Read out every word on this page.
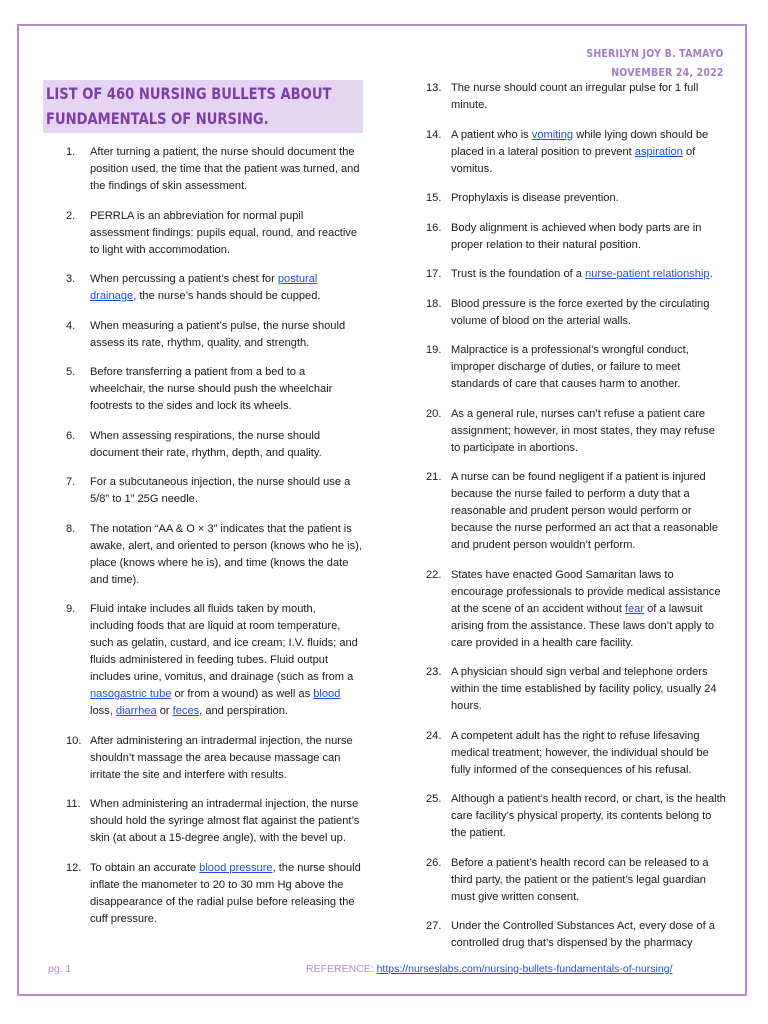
SHERILYN JOY B. TAMAYO
NOVEMBER 24, 2022
LIST OF 460 NURSING BULLETS ABOUT
FUNDAMENTALS OF NURSING.
1. After turning a patient, the nurse should document the position used, the time that the patient was turned, and the findings of skin assessment.
2. PERRLA is an abbreviation for normal pupil assessment findings: pupils equal, round, and reactive to light with accommodation.
3. When percussing a patient’s chest for postural drainage, the nurse’s hands should be cupped.
4. When measuring a patient’s pulse, the nurse should assess its rate, rhythm, quality, and strength.
5. Before transferring a patient from a bed to a wheelchair, the nurse should push the wheelchair footrests to the sides and lock its wheels.
6. When assessing respirations, the nurse should document their rate, rhythm, depth, and quality.
7. For a subcutaneous injection, the nurse should use a 5/8” to 1” 25G needle.
8. The notation “AA & O × 3” indicates that the patient is awake, alert, and oriented to person (knows who he is), place (knows where he is), and time (knows the date and time).
9. Fluid intake includes all fluids taken by mouth, including foods that are liquid at room temperature, such as gelatin, custard, and ice cream; I.V. fluids; and fluids administered in feeding tubes. Fluid output includes urine, vomitus, and drainage (such as from a nasogastric tube or from a wound) as well as blood loss, diarrhea or feces, and perspiration.
10. After administering an intradermal injection, the nurse shouldn’t massage the area because massage can irritate the site and interfere with results.
11. When administering an intradermal injection, the nurse should hold the syringe almost flat against the patient’s skin (at about a 15-degree angle), with the bevel up.
12. To obtain an accurate blood pressure, the nurse should inflate the manometer to 20 to 30 mm Hg above the disappearance of the radial pulse before releasing the cuff pressure.
13. The nurse should count an irregular pulse for 1 full minute.
14. A patient who is vomiting while lying down should be placed in a lateral position to prevent aspiration of vomitus.
15. Prophylaxis is disease prevention.
16. Body alignment is achieved when body parts are in proper relation to their natural position.
17. Trust is the foundation of a nurse-patient relationship.
18. Blood pressure is the force exerted by the circulating volume of blood on the arterial walls.
19. Malpractice is a professional’s wrongful conduct, improper discharge of duties, or failure to meet standards of care that causes harm to another.
20. As a general rule, nurses can’t refuse a patient care assignment; however, in most states, they may refuse to participate in abortions.
21. A nurse can be found negligent if a patient is injured because the nurse failed to perform a duty that a reasonable and prudent person would perform or because the nurse performed an act that a reasonable and prudent person wouldn’t perform.
22. States have enacted Good Samaritan laws to encourage professionals to provide medical assistance at the scene of an accident without fear of a lawsuit arising from the assistance. These laws don’t apply to care provided in a health care facility.
23. A physician should sign verbal and telephone orders within the time established by facility policy, usually 24 hours.
24. A competent adult has the right to refuse lifesaving medical treatment; however, the individual should be fully informed of the consequences of his refusal.
25. Although a patient’s health record, or chart, is the health care facility’s physical property, its contents belong to the patient.
26. Before a patient’s health record can be released to a third party, the patient or the patient’s legal guardian must give written consent.
27. Under the Controlled Substances Act, every dose of a controlled drug that’s dispensed by the pharmacy
pg. 1	REFERENCE: https://nurseslabs.com/nursing-bullets-fundamentals-of-nursing/
